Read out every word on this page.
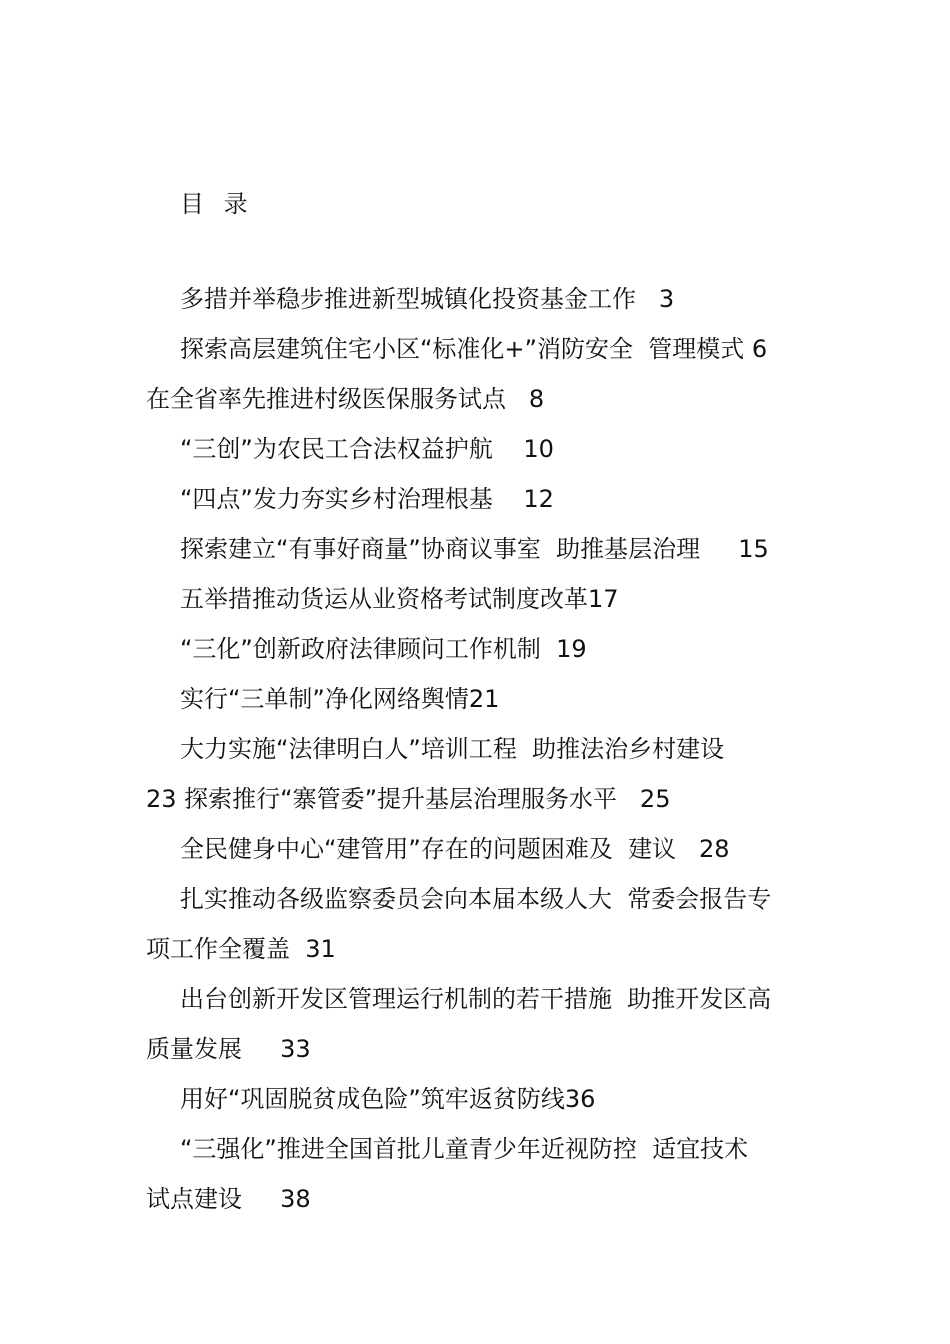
目 录
多措并举稳步推进新型城镇化投资基金工作   3
探索高层建筑住宅小区“标准化+”消防安全  管理模式 6
在全省率先推进村级医保服务试点   8
“三创”为农民工合法权益护航    10
“四点”发力夯实乡村治理根基    12
探索建立“有事好商量”协商议事室  助推基层治理     15
五举措推动货运从业资格考试制度改革17
“三化”创新政府法律顾问工作机制  19
实行“三单制”净化网络舆情21
大力实施“法律明白人”培训工程  助推法治乡村建设
23 探索推行“寨管委”提升基层治理服务水平   25
全民健身中心“建管用”存在的问题困难及  建议   28
扎实推动各级监察委员会向本届本级人大  常委会报告专
项工作全覆盖  31
出台创新开发区管理运行机制的若干措施  助推开发区高
质量发展     33
用好“巩固脱贫成色险”筑牢返贫防线36
“三强化”推进全国首批儿童青少年近视防控  适宜技术
试点建设     38
